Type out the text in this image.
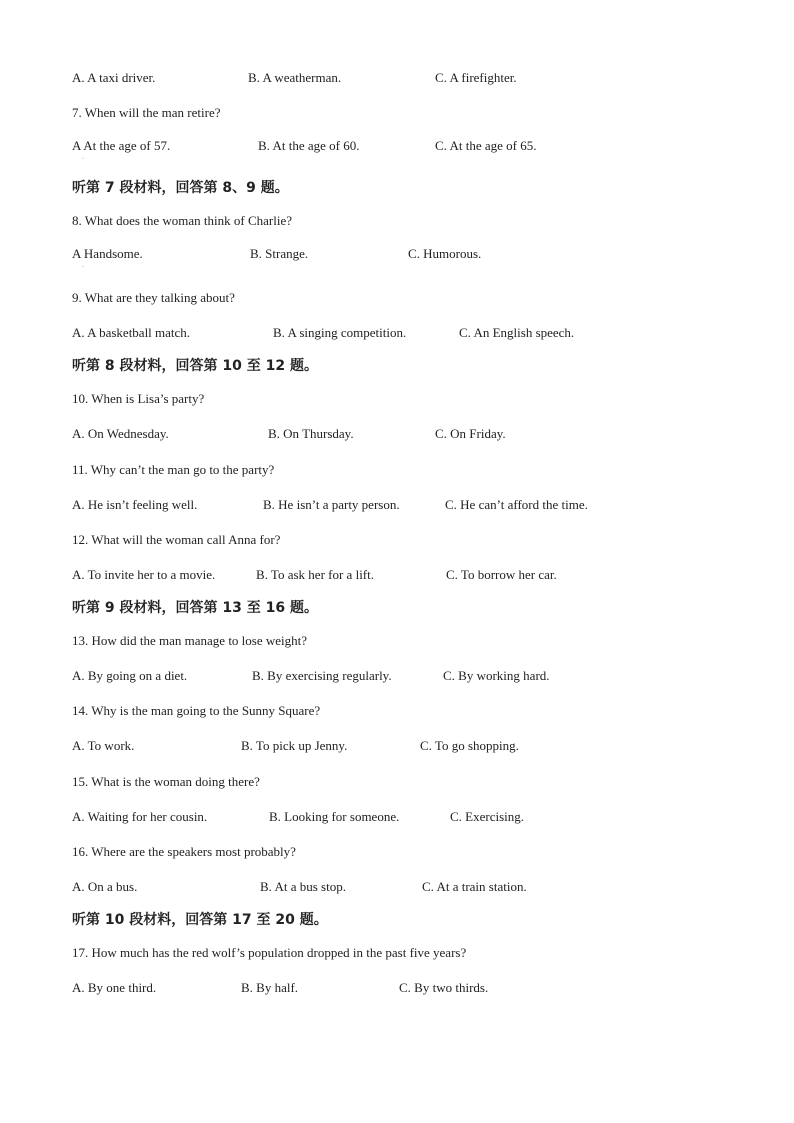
A. A taxi driver.	B. A weatherman.	C. A firefighter.
7. When will the man retire?
A At the age of 57.
·
B. At the age of 60.	C. At the age of 65.
听第 7 段材料，回答第 8、9 题。
8. What does the woman think of Charlie?
A Handsome.
·
B. Strange.	C. Humorous.
9. What are they talking about?
A. A basketball match.	B. A singing competition.	C. An English speech.
听第 8 段材料，回答第 10 至 12 题。
10. When is Lisa’s party?
A. On Wednesday.	B. On Thursday.	C. On Friday.
11. Why can’t the man go to the party?
A. He isn’t feeling well.	B. He isn’t a party person.	C. He can’t afford the time.
12. What will the woman call Anna for?
A. To invite her to a movie.	B. To ask her for a lift.	C. To borrow her car.
听第 9 段材料，回答第 13 至 16 题。
13. How did the man manage to lose weight?
A. By going on a diet.	B. By exercising regularly.	C. By working hard.
14. Why is the man going to the Sunny Square?
A. To work.	B. To pick up Jenny.	C. To go shopping.
15. What is the woman doing there?
A. Waiting for her cousin.	B. Looking for someone.	C. Exercising.
16. Where are the speakers most probably?
A. On a bus.	B. At a bus stop.	C. At a train station.
听第 10 段材料，回答第 17 至 20 题。
17. How much has the red wolf’s population dropped in the past five years?
A. By one third.	B. By half.	C. By two thirds.
